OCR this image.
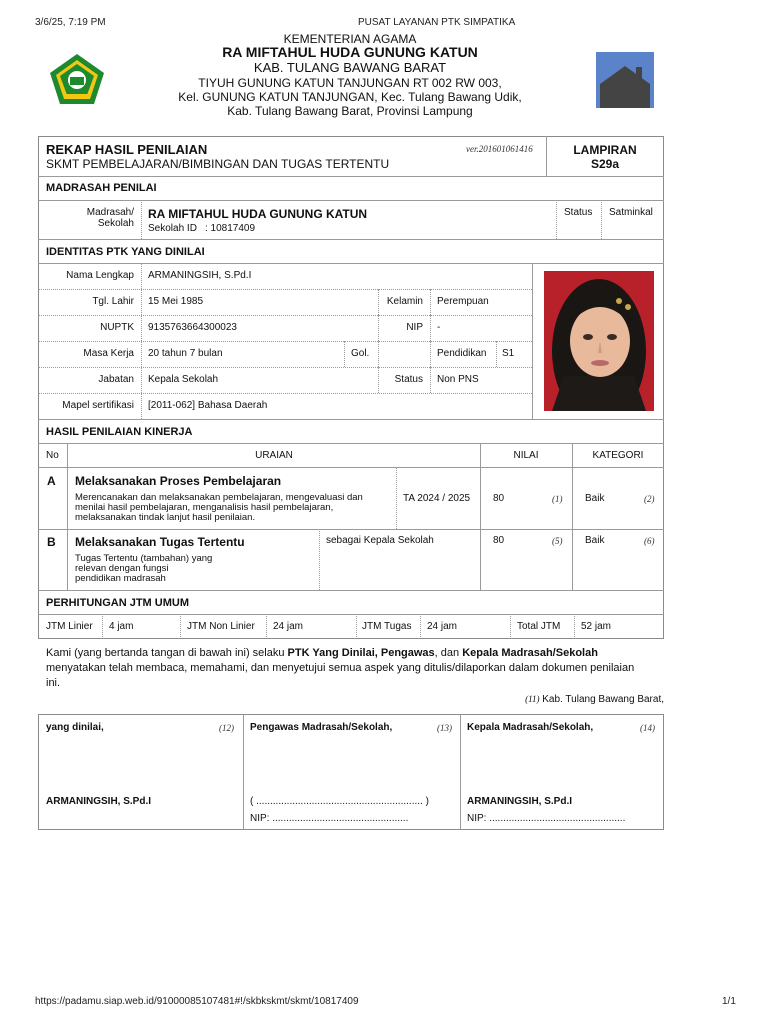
3/6/25, 7:19 PM	PUSAT LAYANAN PTK SIMPATIKA
KEMENTERIAN AGAMA
RA MIFTAHUL HUDA GUNUNG KATUN
KAB. TULANG BAWANG BARAT
TIYUH GUNUNG KATUN TANJUNGAN RT 002 RW 003,
Kel. GUNUNG KATUN TANJUNGAN, Kec. Tulang Bawang Udik,
Kab. Tulang Bawang Barat, Provinsi Lampung
REKAP HASIL PENILAIAN
SKMT PEMBELAJARAN/BIMBINGAN DAN TUGAS TERTENTU
ver.201601061416	LAMPIRAN
S29a
MADRASAH PENILAI
Madrasah/
Sekolah
RA MIFTAHUL HUDA GUNUNG KATUN
Sekolah ID : 10817409
Status Satminkal
IDENTITAS PTK YANG DINILAI
Nama Lengkap ARMANINGSIH, S.Pd.I
Tgl. Lahir 15 Mei 1985	Kelamin Perempuan
NUPTK 9135763664300023	NIP -
Masa Kerja 20 tahun 7 bulan	Gol.	Pendidikan S1
Jabatan Kepala Sekolah	Status Non PNS
Mapel sertifikasi [2011-062] Bahasa Daerah
HASIL PENILAIAN KINERJA
No	URAIAN	NILAI	KATEGORI
A Melaksanakan Proses Pembelajaran
Merencanakan dan melaksanakan pembelajaran, mengevaluasi dan
menilai hasil pembelajaran, menganalisis hasil pembelajaran,
melaksanakan tindak lanjut hasil penilaian.
TA 2024 / 2025 80	(1) Baik	(2)
B Melaksanakan Tugas Tertentu
Tugas Tertentu (tambahan) yang
relevan dengan fungsi
pendidikan madrasah
sebagai Kepala Sekolah	80	(5) Baik	(6)
PERHITUNGAN JTM UMUM
JTM Linier 4 jam	JTM Non Linier 24 jam	JTM Tugas 24 jam	Total JTM 52 jam
Kami (yang bertanda tangan di bawah ini) selaku PTK Yang Dinilai, Pengawas, dan Kepala Madrasah/Sekolah menyatakan telah membaca, memahami, dan menyetujui semua aspek yang ditulis/dilaporkan dalam dokumen penilaian ini.
(11) Kab. Tulang Bawang Barat,
yang dinilai,	(12)
ARMANINGSIH, S.Pd.I
Pengawas Madrasah/Sekolah,	(13)
( ............................................................ )
NIP: .................................................
Kepala Madrasah/Sekolah,	(14)
ARMANINGSIH, S.Pd.I
NIP: .................................................
https://padamu.siap.web.id/91000085107481#!/skbkskmt/skmt/10817409	1/1
